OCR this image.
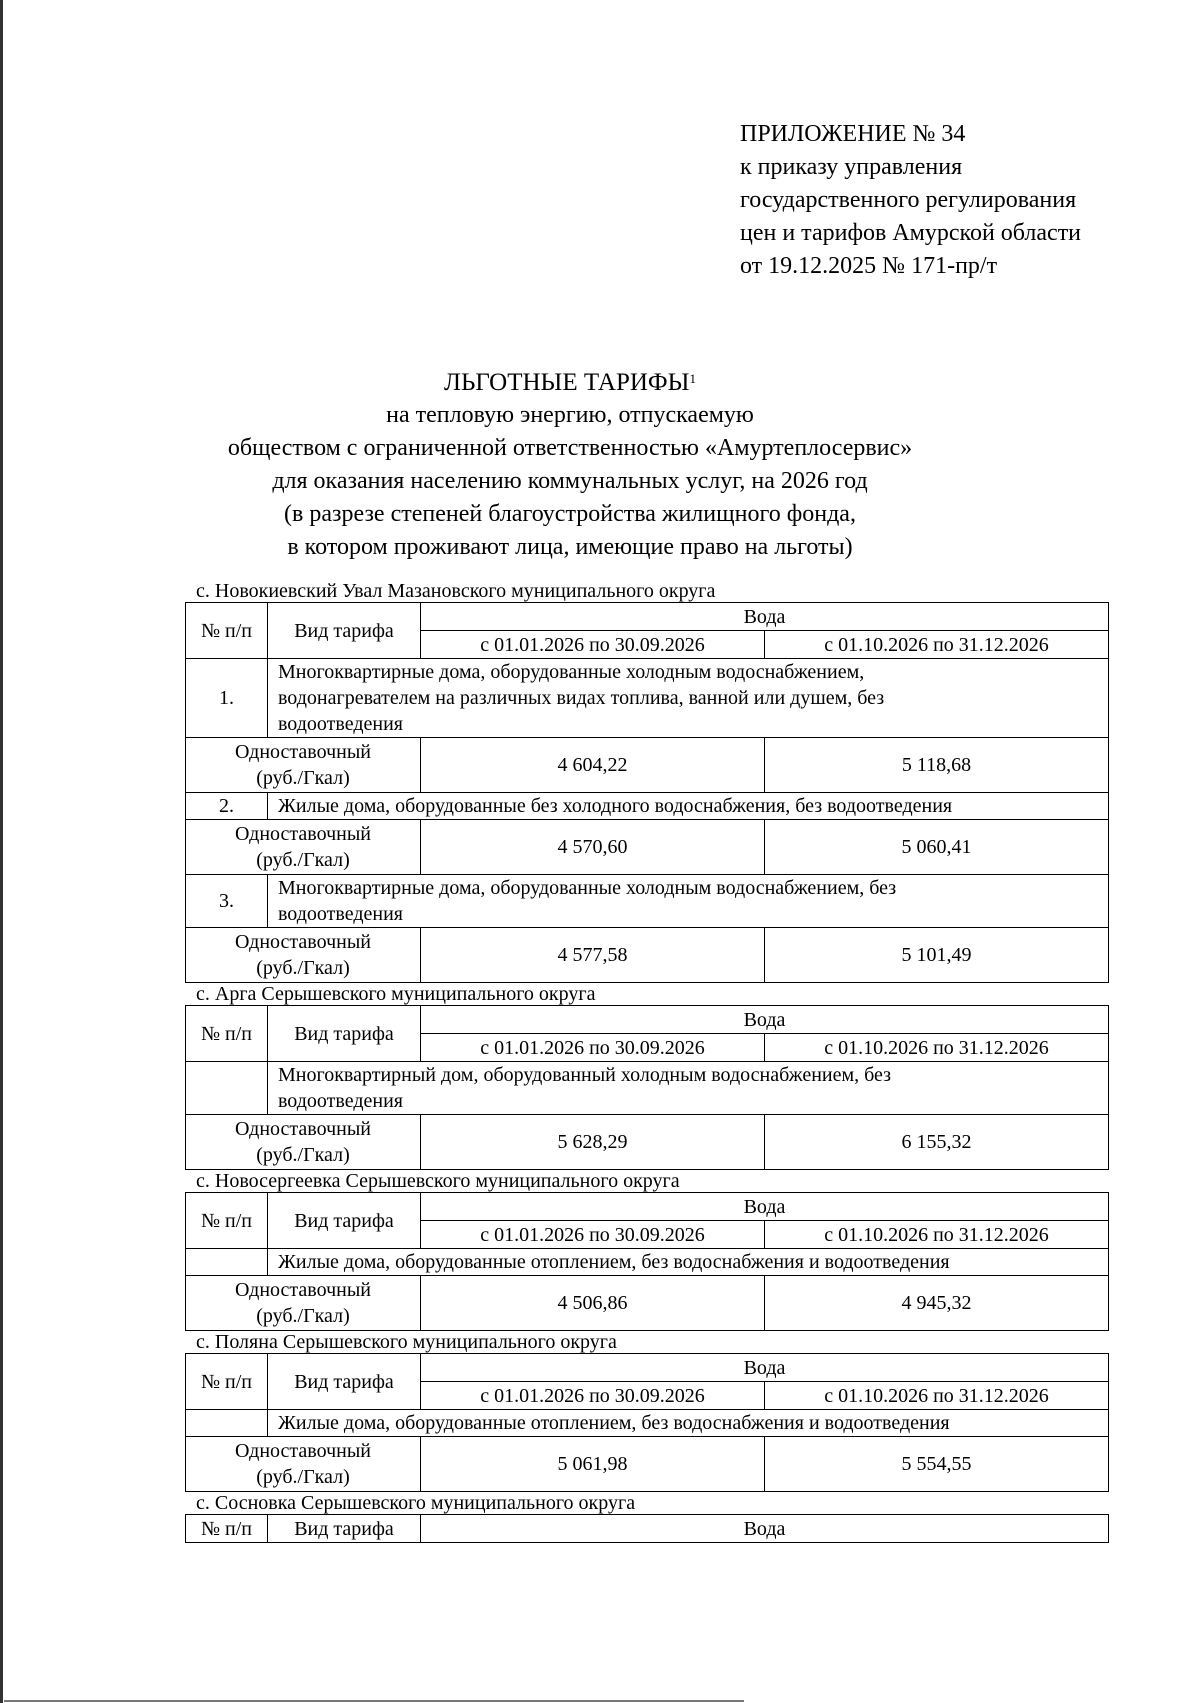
ПРИЛОЖЕНИЕ № 34
к приказу управления
государственного регулирования
цен и тарифов Амурской области
от 19.12.2025 № 171-пр/т
ЛЬГОТНЫЕ ТАРИФЫ$^1$
на тепловую энергию, отпускаемую
обществом с ограниченной ответственностью «Амуртеплосервис»
для оказания населению коммунальных услуг, на 2026 год
(в разрезе степеней благоустройства жилищного фонда,
в котором проживают лица, имеющие право на льготы)
с. Новокиевский Увал Мазановского муниципального округа
№ п/п	Вид тарифа	Вода	
		с 01.01.2026 по 30.09.2026	с 01.10.2026 по 31.12.2026
1.	Многоквартирные дома, оборудованные холодным водоснабжением,
водонагревателем на различных видах топлива, ванной или душем, без
водоотведения		

Одноставочный
(руб./Гкал)		4 604,22	5 118,68
2.	Жилые дома, оборудованные без холодного водоснабжения, без водоотведения		

Одноставочный
(руб./Гкал)		4 570,60	5 060,41
3.	Многоквартирные дома, оборудованные холодным водоснабжением, без
водоотведения		

Одноставочный
(руб./Гкал)		4 577,58	5 101,49
с. Арга Серышевского муниципального округа
№ п/п	Вид тарифа	Вода	
		с 01.01.2026 по 30.09.2026	с 01.10.2026 по 31.12.2026

	Многоквартирный дом, оборудованный холодным водоснабжением, без
водоотведения		

Одноставочный
(руб./Гкал)		5 628,29	6 155,32
с. Новосергеевка Серышевского муниципального округа
№ п/п	Вид тарифа	Вода	
		с 01.01.2026 по 30.09.2026	с 01.10.2026 по 31.12.2026

	Жилые дома, оборудованные отоплением, без водоснабжения и водоотведения		

Одноставочный
(руб./Гкал)		4 506,86	4 945,32
с. Поляна Серышевского муниципального округа
№ п/п	Вид тарифа	Вода	
		с 01.01.2026 по 30.09.2026	с 01.10.2026 по 31.12.2026

	Жилые дома, оборудованные отоплением, без водоснабжения и водоотведения		

Одноставочный
(руб./Гкал)		5 061,98	5 554,55
с. Сосновка Серышевского муниципального округа
№ п/п	Вид тарифа	Вода
